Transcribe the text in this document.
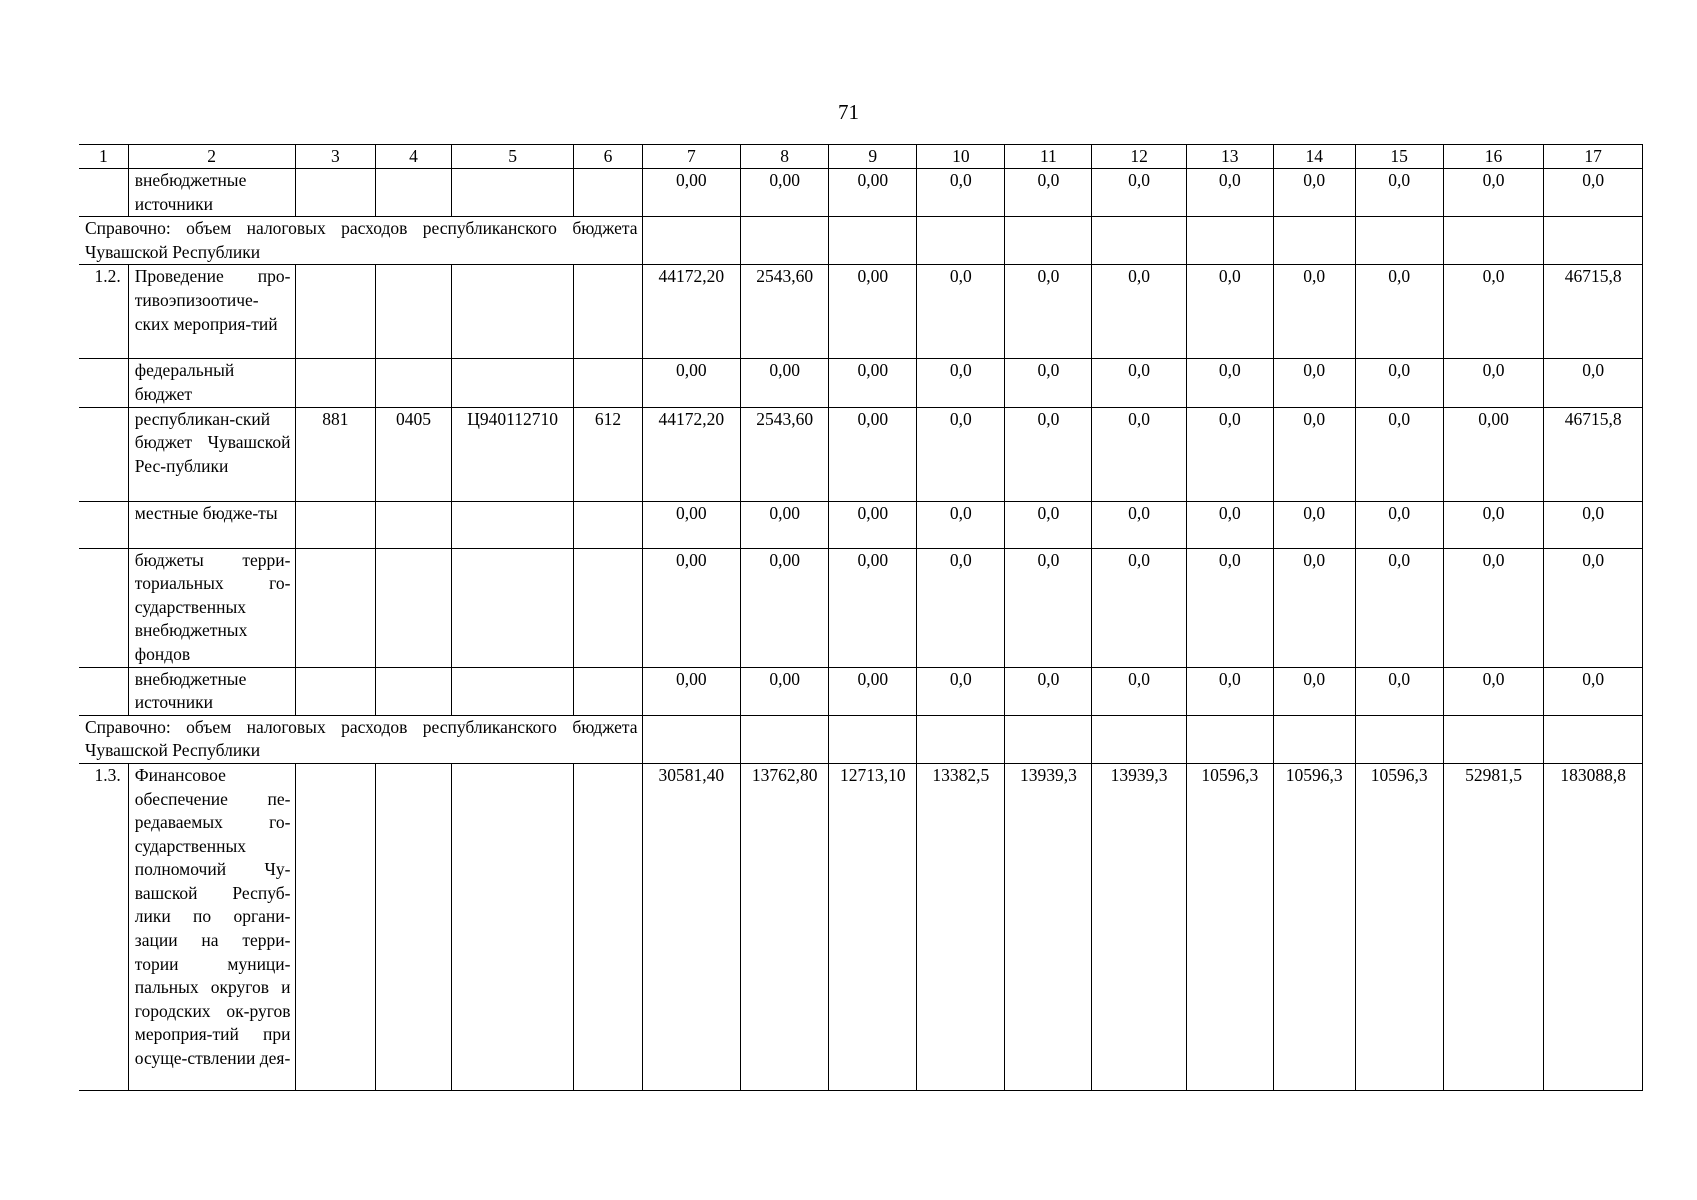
71
1	2	3	4	5	6	7	8	9	10	11	12	13	14	15	16	17
	внебюджетные источники					0,00	0,00	0,00	0,0	0,0	0,0	0,0	0,0	0,0	0,0	0,0
Справочно: объем налоговых расходов республиканского бюджета Чувашской Республики																
1.2.	Проведение про-тивоэпизоотиче-ских мероприя-тий					44172,20	2543,60	0,00	0,0	0,0	0,0	0,0	0,0	0,0	0,0	46715,8
	федеральный бюджет					0,00	0,00	0,00	0,0	0,0	0,0	0,0	0,0	0,0	0,0	0,0
	республикан-ский бюджет Чувашской Рес-публики	881	0405	Ц940112710	612	44172,20	2543,60	0,00	0,0	0,0	0,0	0,0	0,0	0,0	0,00	46715,8
	местные бюдже-ты					0,00	0,00	0,00	0,0	0,0	0,0	0,0	0,0	0,0	0,0	0,0
	бюджеты терри-ториальных го-сударственных внебюджетных фондов					0,00	0,00	0,00	0,0	0,0	0,0	0,0	0,0	0,0	0,0	0,0
	внебюджетные источники					0,00	0,00	0,00	0,0	0,0	0,0	0,0	0,0	0,0	0,0	0,0
Справочно: объем налоговых расходов республиканского бюджета Чувашской Республики																
1.3.	Финансовое обеспечение пе-редаваемых го-сударственных полномочий Чу-вашской Респуб-лики по органи-зации на терри-тории муници-пальных округов и городских ок-ругов мероприя-тий при осуще-ствлении дея-					30581,40	13762,80	12713,10	13382,5	13939,3	13939,3	10596,3	10596,3	10596,3	52981,5	183088,8
